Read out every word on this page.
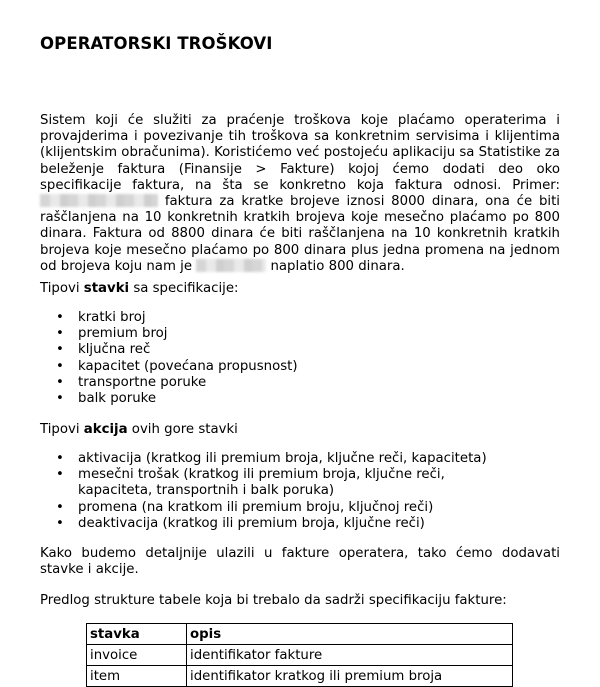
OPERATORSKI TROŠKOVI

Sistem koji će služiti za praćenje troškova koje plaćamo operaterima i provajderima i povezivanje tih troškova sa konkretnim servisima i klijentima (klijentskim obračunima). Koristićemo već postojeću aplikaciju sa Statistike za beleženje faktura (Finansije > Fakture) kojoj ćemo dodati deo oko specifikacije faktura, na šta se konkretno koja faktura odnosi. Primer:  faktura za kratke brojeve iznosi 8000 dinara, ona će biti raščlanjena na 10 konkretnih kratkih brojeva koje mesečno plaćamo po 800 dinara. Faktura od 8800 dinara će biti raščlanjena na 10 konkretnih kratkih brojeva koje mesečno plaćamo po 800 dinara plus jedna promena na jednom od brojeva koju nam je	naplatio 800 dinara.

Tipovi stavki sa specifikacije:

• kratki broj
• premium broj
• ključna reč
• kapacitet (povećana propusnost)
• transportne poruke
• balk poruke

Tipovi akcija ovih gore stavki

• aktivacija (kratkog ili premium broja, ključne reči, kapaciteta)
• mesečni trošak (kratkog ili premium broja, ključne reči, kapaciteta, transportnih i balk poruka)
• promena (na kratkom ili premium broju, ključnoj reči)
• deaktivacija (kratkog ili premium broja, ključne reči)

Kako budemo detaljnije ulazili u fakture operatera, tako ćemo dodavati stavke i akcije.

Predlog strukture tabele koja bi trebalo da sadrži specifikaciju fakture:

stavka	opis
invoice	identifikator fakture
item	identifikator kratkog ili premium broja
